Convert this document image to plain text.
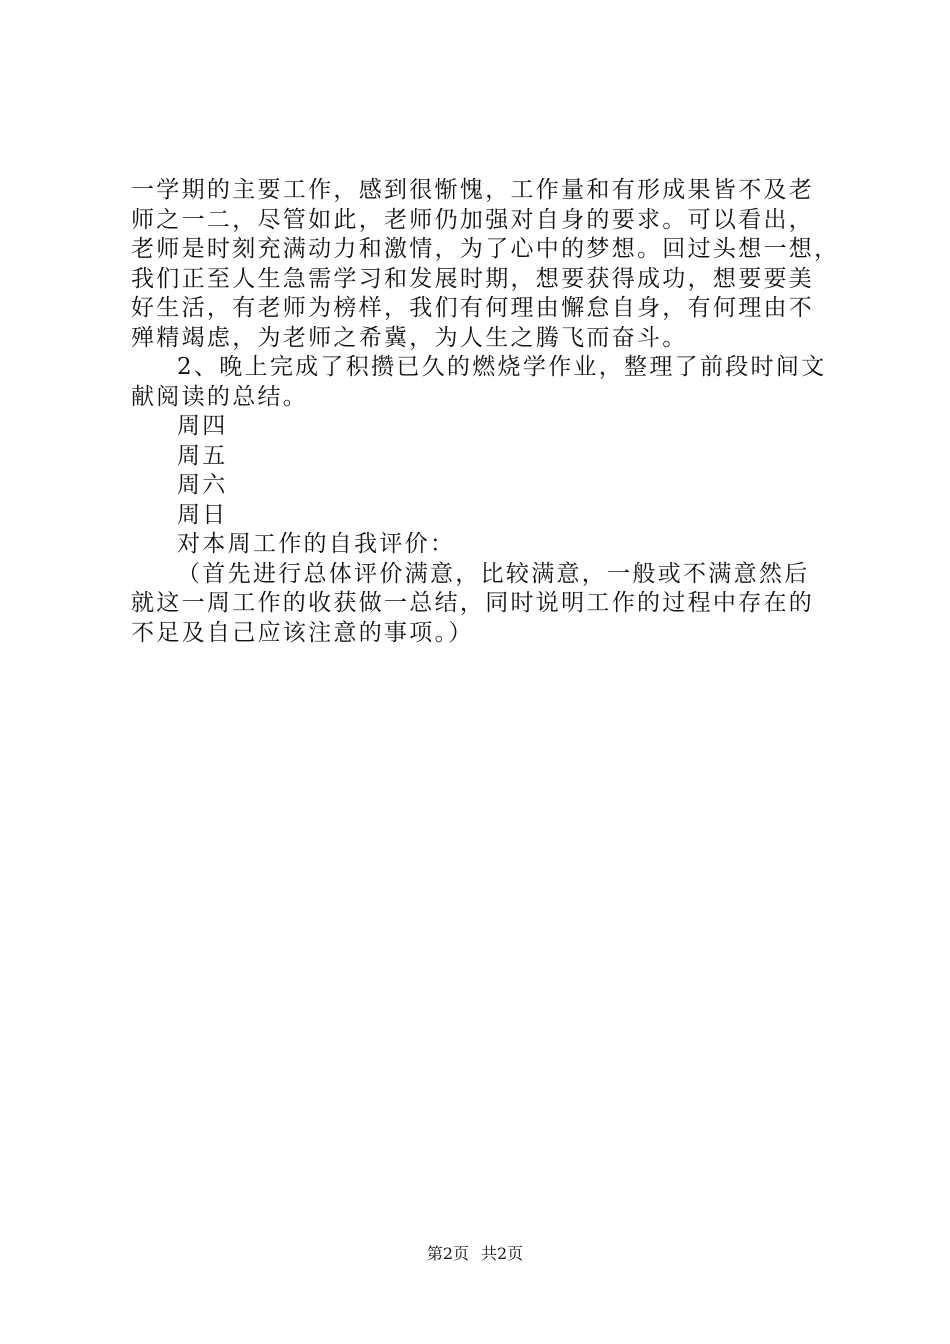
一学期的主要工作，感到很惭愧，工作量和有形成果皆不及老

师之一二，尽管如此，老师仍加强对自身的要求。可以看出，

老师是时刻充满动力和激情，为了心中的梦想。回过头想一想，

我们正至人生急需学习和发展时期，想要获得成功，想要要美

好生活，有老师为榜样，我们有何理由懈怠自身，有何理由不

殚精竭虑，为老师之希冀，为人生之腾飞而奋斗。

2、晚上完成了积攒已久的燃烧学作业，整理了前段时间文

献阅读的总结。

周四

周五

周六

周日

对本周工作的自我评价：

（首先进行总体评价满意，比较满意，一般或不满意然后

就这一周工作的收获做一总结，同时说明工作的过程中存在的

不足及自己应该注意的事项。）

第2页 共2页
